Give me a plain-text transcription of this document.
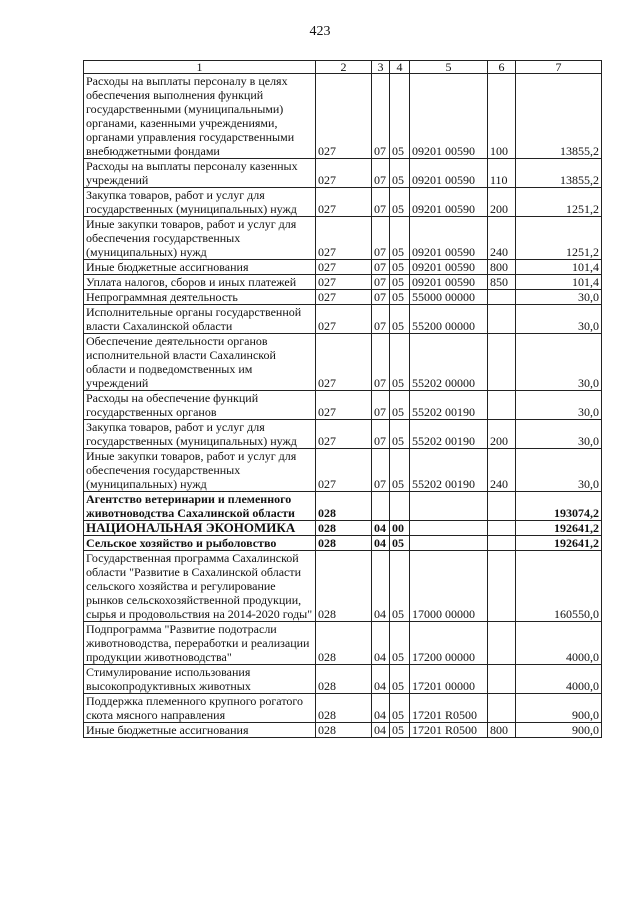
423
1	2	3	4	5	6	7
Расходы на выплаты персоналу в целях обеспечения выполнения функций государственными (муниципальными) органами, казенными учреждениями, органами управления государственными внебюджетными фондами	027	07	05	09201 00590	100	13855,2
Расходы на выплаты персоналу казенных учреждений	027	07	05	09201 00590	110	13855,2
Закупка товаров, работ и услуг для государственных (муниципальных) нужд	027	07	05	09201 00590	200	1251,2
Иные закупки товаров, работ и услуг для обеспечения государственных (муниципальных) нужд	027	07	05	09201 00590	240	1251,2
Иные бюджетные ассигнования	027	07	05	09201 00590	800	101,4
Уплата налогов, сборов и иных платежей	027	07	05	09201 00590	850	101,4
Непрограммная деятельность	027	07	05	55000 00000		30,0
Исполнительные органы государственной власти Сахалинской области	027	07	05	55200 00000		30,0
Обеспечение деятельности органов исполнительной власти Сахалинской области и подведомственных им учреждений	027	07	05	55202 00000		30,0
Расходы на обеспечение функций государственных органов	027	07	05	55202 00190		30,0
Закупка товаров, работ и услуг для государственных (муниципальных) нужд	027	07	05	55202 00190	200	30,0
Иные закупки товаров, работ и услуг для обеспечения государственных (муниципальных) нужд	027	07	05	55202 00190	240	30,0
Агентство ветеринарии и племенного животноводства Сахалинской области	028					193074,2
НАЦИОНАЛЬНАЯ ЭКОНОМИКА	028	04	00			192641,2
Сельское хозяйство и рыболовство	028	04	05			192641,2
Государственная программа Сахалинской области "Развитие в Сахалинской области сельского хозяйства и регулирование рынков сельскохозяйственной продукции, сырья и продовольствия на 2014-2020 годы"	028	04	05	17000 00000		160550,0
Подпрограмма "Развитие подотрасли животноводства, переработки и реализации продукции животноводства"	028	04	05	17200 00000		4000,0
Стимулирование использования высокопродуктивных животных	028	04	05	17201 00000		4000,0
Поддержка племенного крупного рогатого скота мясного направления	028	04	05	17201 R0500		900,0
Иные бюджетные ассигнования	028	04	05	17201 R0500	800	900,0
